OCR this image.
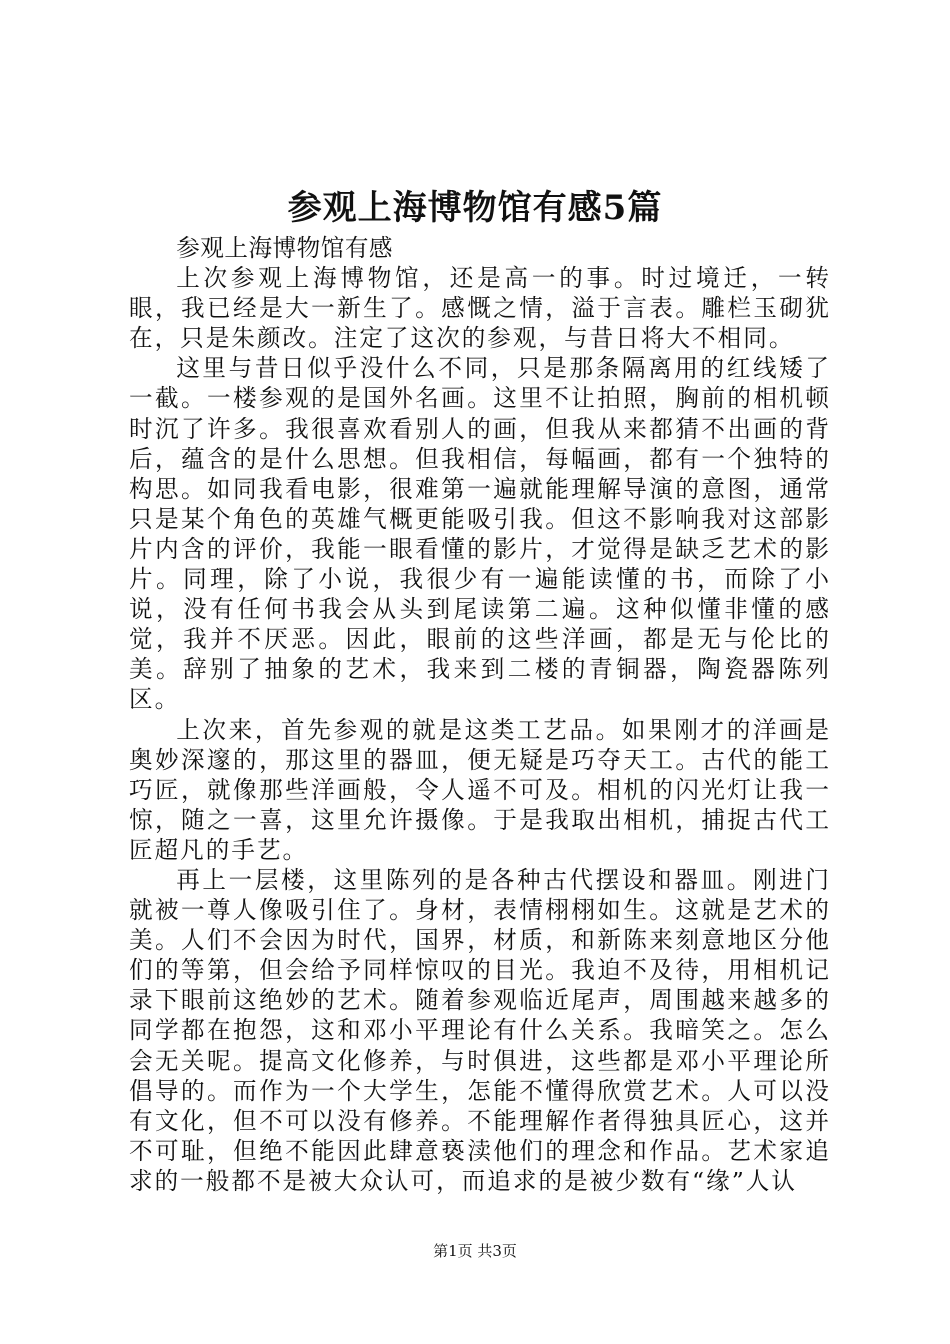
参观上海博物馆有感5篇

参观上海博物馆有感

上次参观上海博物馆，还是高一的事。时过境迁，一转眼，我已经是大一新生了。感慨之情，溢于言表。雕栏玉砌犹在，只是朱颜改。注定了这次的参观，与昔日将大不相同。

这里与昔日似乎没什么不同，只是那条隔离用的红线矮了一截。一楼参观的是国外名画。这里不让拍照，胸前的相机顿时沉了许多。我很喜欢看别人的画，但我从来都猜不出画的背后，蕴含的是什么思想。但我相信，每幅画，都有一个独特的构思。如同我看电影，很难第一遍就能理解导演的意图，通常只是某个角色的英雄气概更能吸引我。但这不影响我对这部影片内含的评价，我能一眼看懂的影片，才觉得是缺乏艺术的影片。同理，除了小说，我很少有一遍能读懂的书，而除了小说，没有任何书我会从头到尾读第二遍。这种似懂非懂的感觉，我并不厌恶。因此，眼前的这些洋画，都是无与伦比的美。辞别了抽象的艺术，我来到二楼的青铜器，陶瓷器陈列区。

上次来，首先参观的就是这类工艺品。如果刚才的洋画是奥妙深邃的，那这里的器皿，便无疑是巧夺天工。古代的能工巧匠，就像那些洋画般，令人遥不可及。相机的闪光灯让我一惊，随之一喜，这里允许摄像。于是我取出相机，捕捉古代工匠超凡的手艺。

再上一层楼，这里陈列的是各种古代摆设和器皿。刚进门就被一尊人像吸引住了。身材，表情栩栩如生。这就是艺术的美。人们不会因为时代，国界，材质，和新陈来刻意地区分他们的等第，但会给予同样惊叹的目光。我迫不及待，用相机记录下眼前这绝妙的艺术。随着参观临近尾声，周围越来越多的同学都在抱怨，这和邓小平理论有什么关系。我暗笑之。怎么会无关呢。提高文化修养，与时俱进，这些都是邓小平理论所倡导的。而作为一个大学生，怎能不懂得欣赏艺术。人可以没有文化，但不可以没有修养。不能理解作者得独具匠心，这并不可耻，但绝不能因此肆意亵渎他们的理念和作品。艺术家追求的一般都不是被大众认可，而追求的是被少数有“缘”人认

第1页 共3页
